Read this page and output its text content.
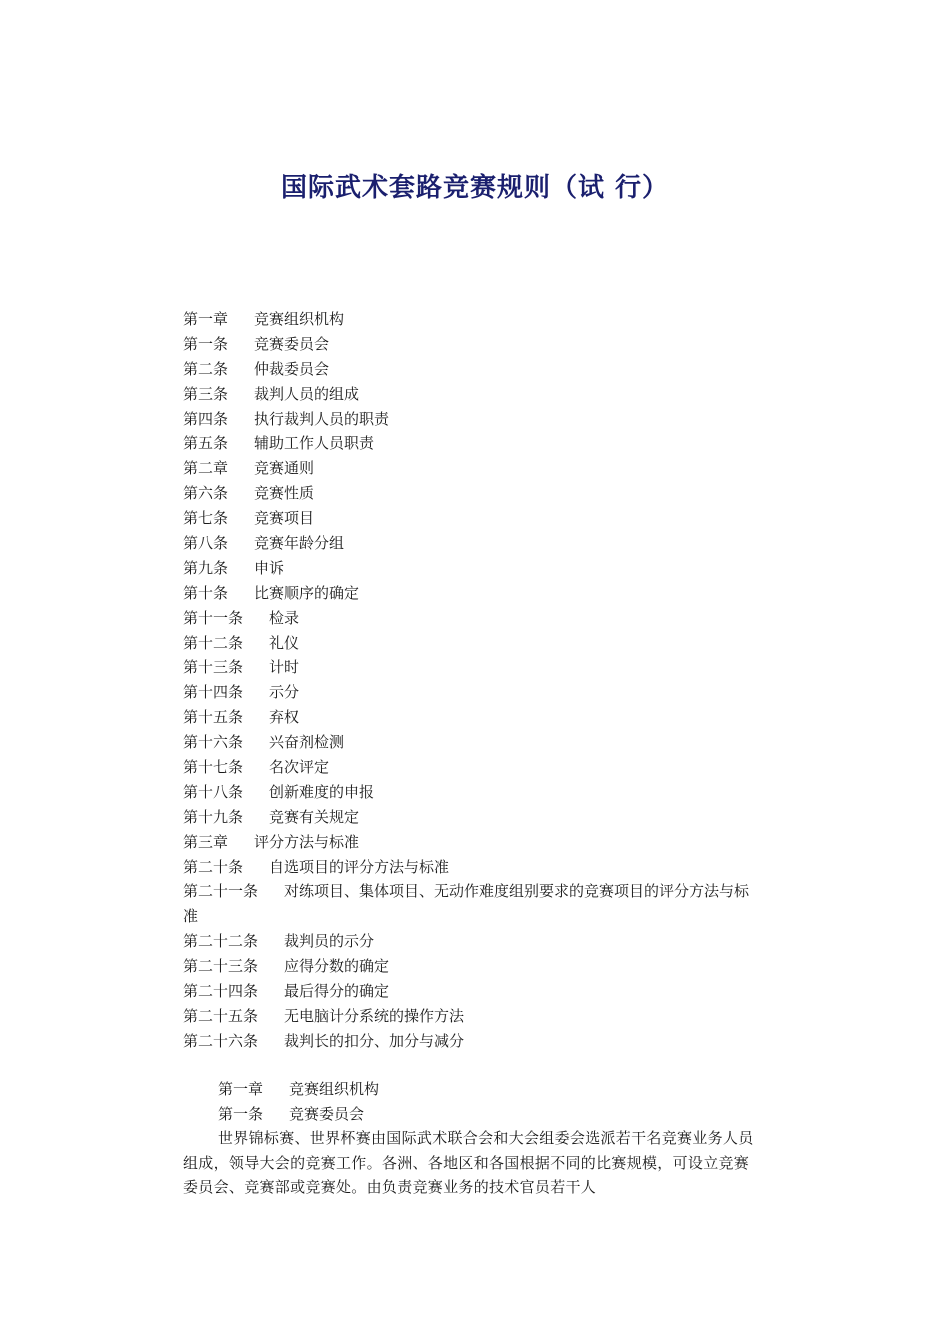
国际武术套路竞赛规则（试 行）
第一章 竞赛组织机构
第一条 竞赛委员会
第二条 仲裁委员会
第三条 裁判人员的组成
第四条 执行裁判人员的职责
第五条 辅助工作人员职责
第二章 竞赛通则
第六条 竞赛性质
第七条 竞赛项目
第八条 竞赛年龄分组
第九条 申诉
第十条 比赛顺序的确定
第十一条 检录
第十二条 礼仪
第十三条 计时
第十四条 示分
第十五条 弃权
第十六条 兴奋剂检测
第十七条 名次评定
第十八条 创新难度的申报
第十九条 竞赛有关规定
第三章 评分方法与标准
第二十条 自选项目的评分方法与标准
第二十一条 对练项目、集体项目、无动作难度组别要求的竞赛项目的评分方法与标准
第二十二条 裁判员的示分
第二十三条 应得分数的确定
第二十四条 最后得分的确定
第二十五条 无电脑计分系统的操作方法
第二十六条 裁判长的扣分、加分与减分
第一章 竞赛组织机构
第一条 竞赛委员会
世界锦标赛、世界杯赛由国际武术联合会和大会组委会选派若干名竞赛业务人员组成，领导大会的竞赛工作。各洲、各地区和各国根据不同的比赛规模，可设立竞赛委员会、竞赛部或竞赛处。由负责竞赛业务的技术官员若干人
